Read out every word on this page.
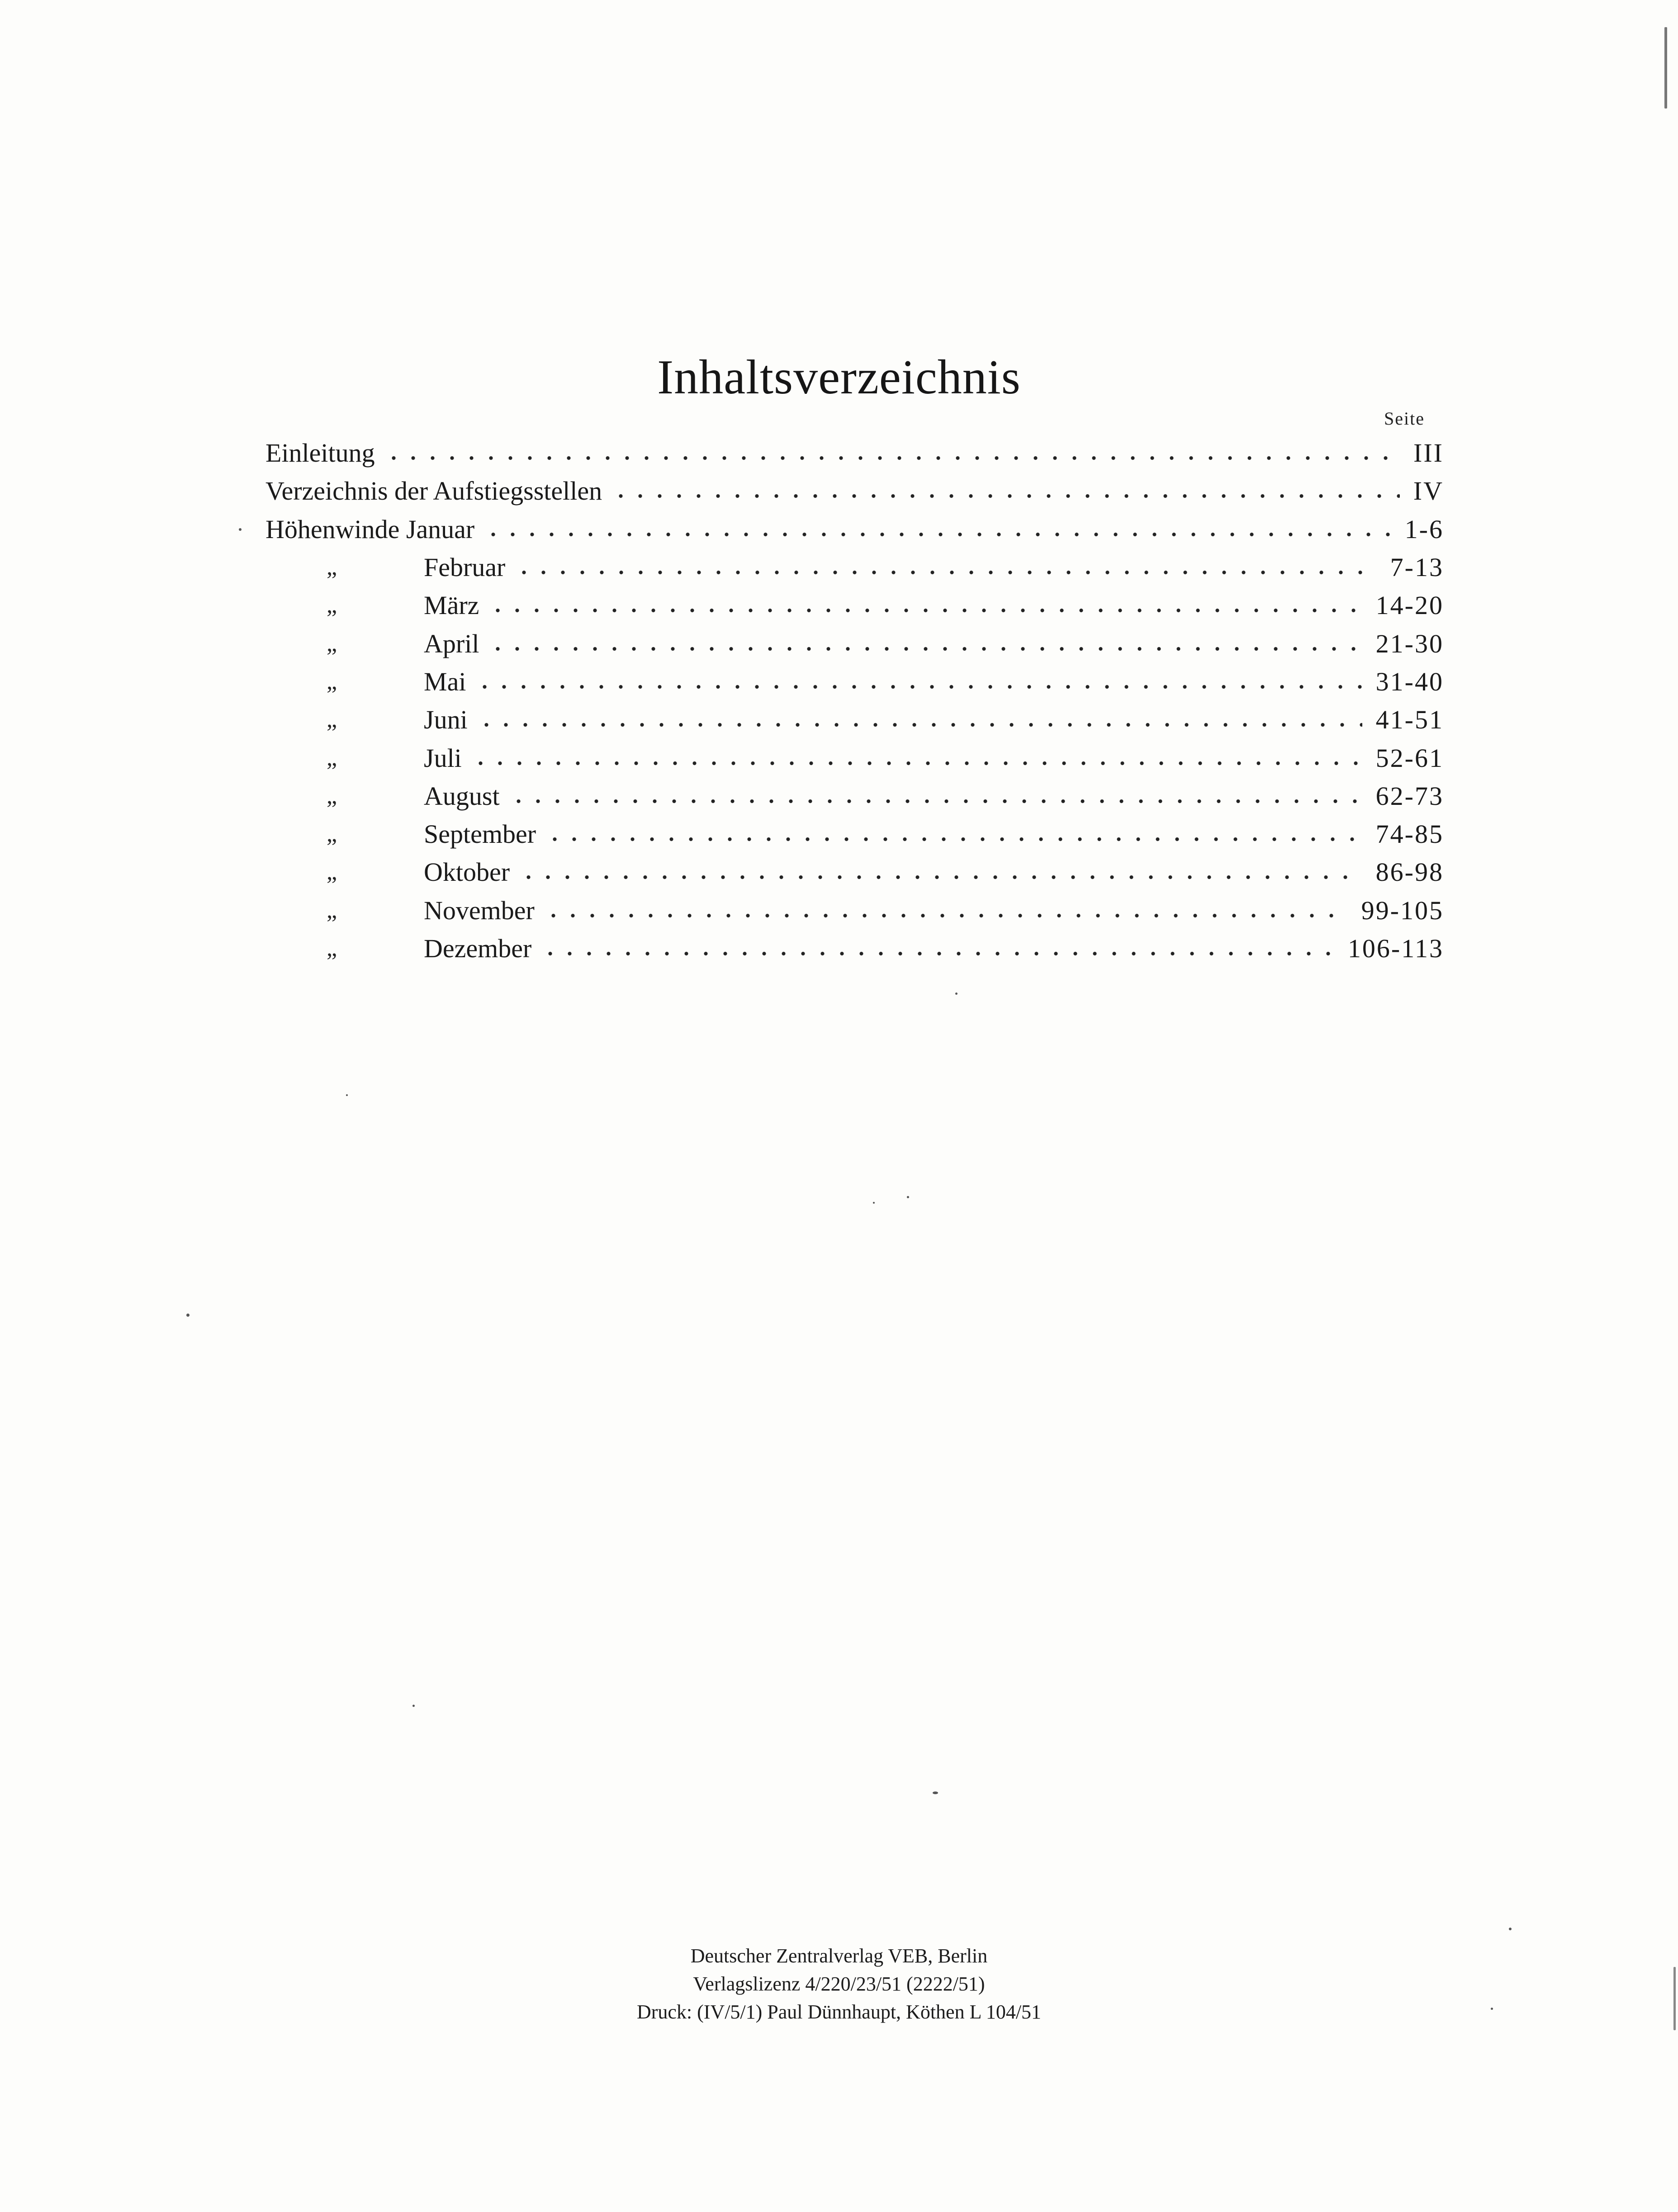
Inhaltsverzeichnis
Seite
Einleitung	III
Verzeichnis der Aufstiegsstellen	IV
Höhenwinde Januar	1-6
„	Februar	7-13
„	März	14-20
„	April	21-30
„	Mai	31-40
„	Juni	41-51
„	Juli	52-61
„	August	62-73
„	September	74-85
„	Oktober	86-98
„	November	99-105
„	Dezember	106-113
Deutscher Zentralverlag VEB, Berlin
Verlagslizenz 4/220/23/51 (2222/51)
Druck: (IV/5/1) Paul Dünnhaupt, Köthen L 104/51
